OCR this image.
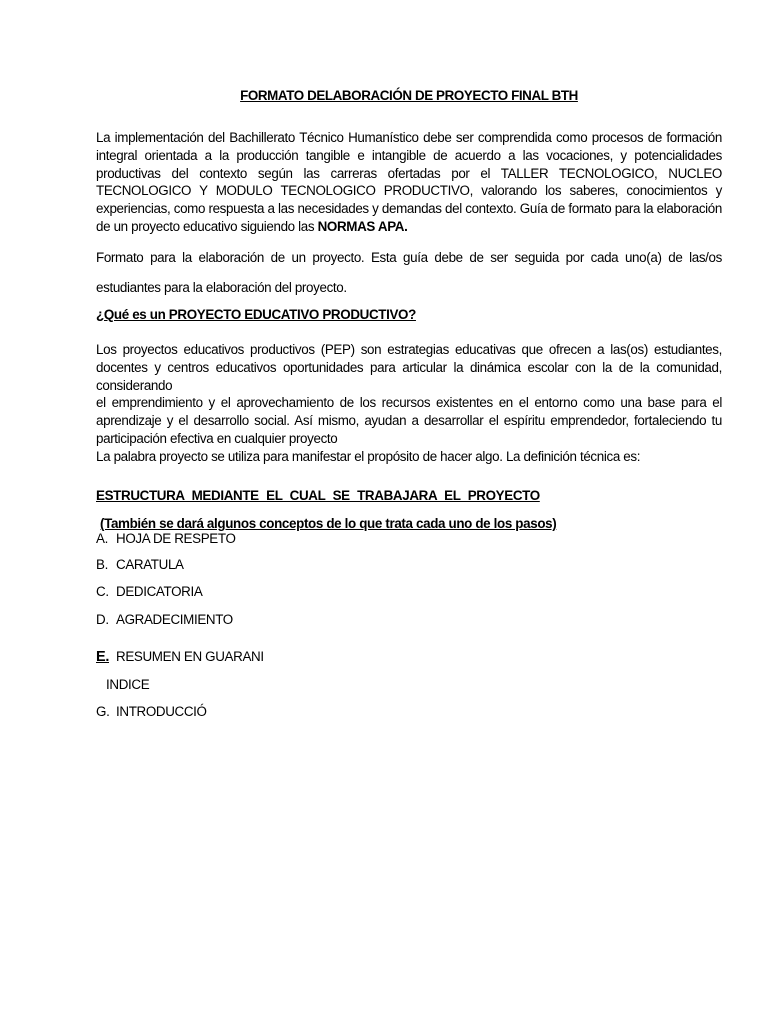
FORMATO DELABORACIÓN DE PROYECTO FINAL BTH
La implementación del Bachillerato Técnico Humanístico debe ser comprendida como procesos de formación integral orientada a la producción tangible e intangible de acuerdo a las vocaciones, y potencialidades productivas del contexto según las carreras ofertadas por el TALLER TECNOLOGICO, NUCLEO TECNOLOGICO Y MODULO TECNOLOGICO PRODUCTIVO, valorando los saberes, conocimientos y experiencias, como respuesta a las necesidades y demandas del contexto. Guía de formato para la elaboración de un proyecto educativo siguiendo las NORMAS APA.
Formato para la elaboración de un proyecto. Esta guía debe de ser seguida por cada uno(a) de las/os estudiantes para la elaboración del proyecto.
¿Qué es un PROYECTO EDUCATIVO PRODUCTIVO?
Los proyectos educativos productivos (PEP) son estrategias educativas que ofrecen a las(os) estudiantes, docentes y centros educativos oportunidades para articular la dinámica escolar con la de la comunidad, considerando
el emprendimiento y el aprovechamiento de los recursos existentes en el entorno como una base para el aprendizaje y el desarrollo social. Así mismo, ayudan a desarrollar el espíritu emprendedor, fortaleciendo tu participación efectiva en cualquier proyecto
La palabra proyecto se utiliza para manifestar el propósito de hacer algo. La definición técnica es:
ESTRUCTURA MEDIANTE EL CUAL SE TRABAJARA EL PROYECTO
(También se dará algunos conceptos de lo que trata cada uno de los pasos)
A. HOJA DE RESPETO
B. CARATULA
C. DEDICATORIA
D. AGRADECIMIENTO
E. RESUMEN EN GUARANI
INDICE
G. INTRODUCCIÓ
